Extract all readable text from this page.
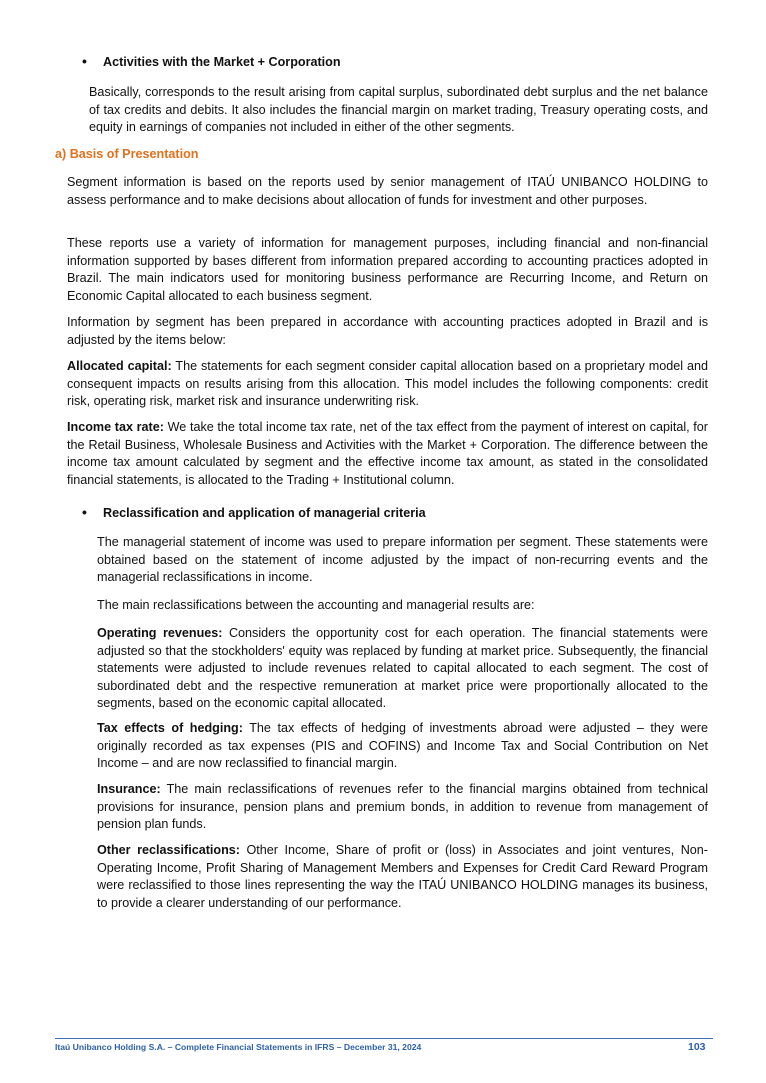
• Activities with the Market + Corporation

Basically, corresponds to the result arising from capital surplus, subordinated debt surplus and the net balance of tax credits and debits. It also includes the financial margin on market trading, Treasury operating costs, and equity in earnings of companies not included in either of the other segments.

a) Basis of Presentation

Segment information is based on the reports used by senior management of ITAÚ UNIBANCO HOLDING to assess performance and to make decisions about allocation of funds for investment and other purposes.

These reports use a variety of information for management purposes, including financial and non-financial information supported by bases different from information prepared according to accounting practices adopted in Brazil. The main indicators used for monitoring business performance are Recurring Income, and Return on Economic Capital allocated to each business segment.

Information by segment has been prepared in accordance with accounting practices adopted in Brazil and is adjusted by the items below:

Allocated capital: The statements for each segment consider capital allocation based on a proprietary model and consequent impacts on results arising from this allocation. This model includes the following components: credit risk, operating risk, market risk and insurance underwriting risk.

Income tax rate: We take the total income tax rate, net of the tax effect from the payment of interest on capital, for the Retail Business, Wholesale Business and Activities with the Market + Corporation. The difference between the income tax amount calculated by segment and the effective income tax amount, as stated in the consolidated financial statements, is allocated to the Trading + Institutional column.

• Reclassification and application of managerial criteria

The managerial statement of income was used to prepare information per segment. These statements were obtained based on the statement of income adjusted by the impact of non-recurring events and the managerial reclassifications in income.

The main reclassifications between the accounting and managerial results are:

Operating revenues: Considers the opportunity cost for each operation. The financial statements were adjusted so that the stockholders' equity was replaced by funding at market price. Subsequently, the financial statements were adjusted to include revenues related to capital allocated to each segment. The cost of subordinated debt and the respective remuneration at market price were proportionally allocated to the segments, based on the economic capital allocated.

Tax effects of hedging: The tax effects of hedging of investments abroad were adjusted – they were originally recorded as tax expenses (PIS and COFINS) and Income Tax and Social Contribution on Net Income – and are now reclassified to financial margin.

Insurance: The main reclassifications of revenues refer to the financial margins obtained from technical provisions for insurance, pension plans and premium bonds, in addition to revenue from management of pension plan funds.

Other reclassifications: Other Income, Share of profit or (loss) in Associates and joint ventures, Non-Operating Income, Profit Sharing of Management Members and Expenses for Credit Card Reward Program were reclassified to those lines representing the way the ITAÚ UNIBANCO HOLDING manages its business, to provide a clearer understanding of our performance.

Itaú Unibanco Holding S.A. – Complete Financial Statements in IFRS – December 31, 2024	103
